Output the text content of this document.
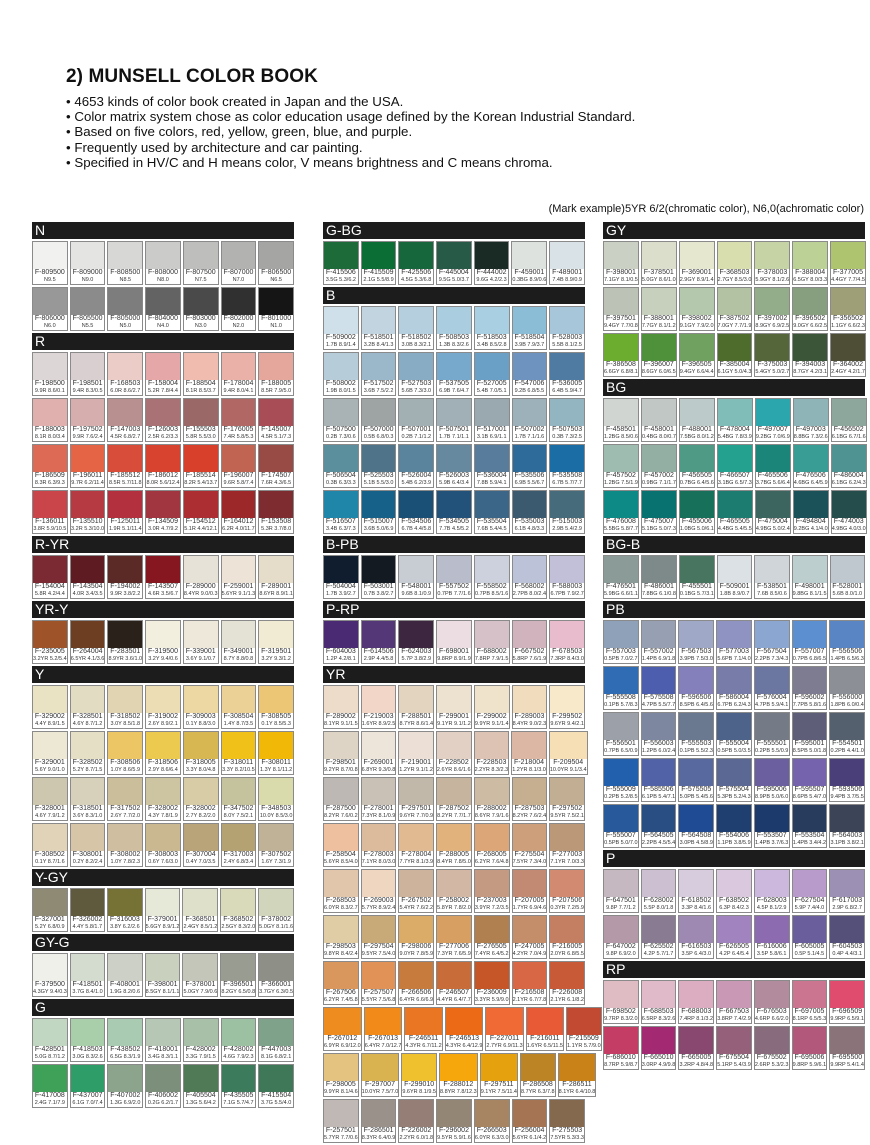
2) MUNSELL COLOR BOOK
• 4653 kinds of color book created in Japan and the USA.
• Color matrix system chose as color education usage defined by the Korean Industrial Standard.
• Based on five colors, red, yellow, green, blue, and purple.
• Frequently used by architecture and car painting.
• Specified in HV/C and H means color, V means brightness and C means chroma.
(Mark example)5YR 6/2(chromatic color), N6,0(achromatic color)
N
F-809500
N9.5
F-809000
N9.0
F-808500
N8.5
F-808000
N8.0
F-807500
N7.5
F-807000
N7.0
F-806500
N6.5
F-806000
N6.0
F-805500
N5.5
F-805000
N5.0
F-804000
N4.0
F-803000
N3.0
F-802000
N2.0
F-801000
N1.0
R
F-198500
9.9R 8.6/0.1
F-198501
9.4R 8.3/0.5
F-168503
6.0R 8.6/2.7
F-158004
5.2R 7.8/4.4
F-188504
8.1R 8.5/3.7
F-178004
9.4R 8.0/4.1
F-188005
8.5R 7.9/5.0
F-188003
8.1R 8.0/3.4
F-197502
9.9R 7.6/2.4
F-147003
4.5R 6.8/2.7
F-126003
2.5R 6.2/3.3
F-155503
5.8R 5.5/3.0
F-176005
7.4R 5.8/5.3
F-145007
4.5R 5.1/7.3
F-186509
8.3R 6.3/9.3
F-196011
9.7R 6.2/11.4
F-185512
8.5R 5.7/11.8
F-186012
8.0R 5.6/12.4
F-185514
8.2R 5.4/13.7
F-196007
9.6R 5.8/7.4
F-174507
7.6R 4.3/6.5
F-136011
3.8R 5.9/10.5
F-135510
3.2R 5.3/10.0
F-125011
1.9R 5.1/11.4
F-134509
3.0R 4.7/9.2
F-154512
5.1R 4.4/12.1
F-164012
6.2R 4.0/11.7
F-153508
5.3R 3.7/8.0
R-YR
F-154004
5.8R 4.2/4.4
F-143504
4.0R 3.4/3.5
F-194002
9.9R 3.8/2.2
F-143507
4.6R 3.5/6.7
F-289000
8.4YR 9.0/0.3
F-259001
5.6YR 9.1/1.3
F-289001
8.6YR 8.9/1.1
YR-Y
F-235005
3.2YR 5.2/5.4
F-264004
6.5YR 4.1/3.6
F-283501
8.9YR 3.6/1.0
F-319500
3.2Y 9.4/0.6
F-339001
3.6Y 9.1/0.7
F-349001
8.7Y 8.8/0.8
F-319501
3.2Y 9.3/1.2
Y
F-329002
4.4Y 8.9/1.5
F-328501
4.6Y 8.7/1.2
F-318502
3.0Y 8.5/1.8
F-319002
2.6Y 8.9/2.1
F-309003
0.1Y 8.8/3.0
F-308504
1.4Y 8.7/3.5
F-308505
0.1Y 8.5/5.3
F-329001
5.6Y 9.0/1.0
F-328502
5.2Y 8.7/1.5
F-308506
1.0Y 8.6/5.9
F-318506
2.9Y 8.6/6.4
F-318005
3.3Y 8.0/4.8
F-318011
3.3Y 8.2/10.5
F-308011
1.3Y 8.1/11.2
F-328001
4.6Y 7.9/1.2
F-318501
3.6Y 8.3/1.0
F-317502
2.6Y 7.7/2.0
F-328002
4.3Y 7.8/1.9
F-328002
2.7Y 8.2/2.0
F-347502
8.0Y 7.5/2.1
F-348503
10.0Y 8.5/3.0
F-308502
0.1Y 8.7/1.6
F-308001
0.2Y 8.2/2.4
F-308002
1.0Y 7.8/2.3
F-308003
0.6Y 7.6/3.0
F-307004
0.4Y 7.0/3.5
F-317003
2.4Y 6.8/3.4
F-307502
1.6Y 7.3/1.9
Y-GY
F-327001
5.2Y 6.8/0.9
F-326002
4.4Y 5.8/1.7
F-316003
3.8Y 6.2/2.6
F-379001
5.6GY 8.9/1.2
F-368501
2.4GY 8.5/1.2
F-368502
2.5GY 8.3/2.0
F-378002
5.0GY 8.1/1.6
GY-G
F-379500
4.3GY 9.4/0.3
F-418501
3.7G 8.4/1.0
F-408001
1.9G 8.2/0.6
F-398001
8.5GY 8.1/1.1
F-378001
5.0GY 7.9/0.6
F-396501
8.2GY 6.5/0.8
F-366001
3.7GY 6.3/0.5
G
F-428501
5.0G 8.7/1.2
F-418503
3.0G 8.3/2.6
F-438502
6.5G 8.3/1.9
F-418001
3.4G 8.3/1.1
F-428002
3.3G 7.9/1.5
F-428002
4.6G 7.9/2.3
F-447003
8.1G 6.8/2.1
F-417008
2.4G 7.1/7.9
F-437007
6.1G 7.0/7.4
F-407002
1.3G 6.9/2.0
F-406002
0.2G 6.2/1.7
F-405504
1.3G 5.6/4.2
F-435505
7.1G 5.7/4.7
F-415504
3.7G 5.5/4.0
G-BG
F-415506
3.5G 5.3/6.2
F-415509
2.1G 5.5/8.9
F-425506
4.5G 5.3/6.8
F-445004
9.5G 5.0/3.7
F-444002
9.6G 4.2/2.3
F-459001
0.3BG 8.9/0.6
F-489001
7.4B 8.9/0.9
B
F-509002
1.7B 8.9/1.4
F-518501
3.2B 8.4/1.3
F-518502
3.0B 8.3/2.1
F-508503
1.3B 8.3/2.6
F-518503
3.4B 8.5/2.8
F-518504
3.9B 7.9/3.7
F-528003
5.5B 8.1/2.5
F-508002
1.9B 8.0/1.5
F-517502
3.6B 7.5/2.2
F-527503
5.6B 7.3/3.0
F-537505
6.9B 7.6/4.7
F-527005
5.4B 7.0/5.1
F-547006
9.2B 6.8/5.5
F-536005
6.4B 5.9/4.7
F-507500
0.2B 7.3/0.6
F-507000
0.5B 6.8/0.3
F-507001
0.2B 7.1/1.2
F-507501
1.7B 7.1/1.1
F-517001
3.1B 6.9/1.1
F-507002
1.7B 7.1/1.6
F-507503
0.3B 7.3/2.5
F-506504
0.3B 6.3/3.3
F-525503
5.1B 5.5/3.0
F-526004
5.4B 6.2/3.9
F-526003
5.9B 6.4/3.4
F-536004
7.8B 5.9/4.1
F-535506
6.9B 5.5/6.7
F-535508
6.7B 5.7/7.7
F-516507
3.4B 6.3/7.3
F-515007
3.6B 5.0/6.9
F-534506
6.7B 4.4/5.8
F-534505
7.7B 4.5/5.2
F-535504
7.6B 5.4/4.5
F-535003
6.1B 4.8/3.3
F-515003
2.9B 5.4/2.9
B-PB
F-504004
1.7B 3.9/2.7
F-503001
0.7B 3.8/2.7
F-548001
9.6B 8.1/0.9
F-557502
0.7PB 7.7/1.6
F-558502
0.7PB 8.5/1.6
F-568002
2.7PB 8.0/2.4
F-588003
6.7PB 7.9/2.7
P-RP
F-604003
1.2P 4.2/8.1
F-614506
2.9P 4.4/5.8
F-624003
5.7P 3.8/2.9
F-698001
9.8RP 8.9/1.9
F-688002
7.8RP 7.9/1.5
F-667502
5.8RP 7.6/1.9
F-678503
7.3RP 8.4/3.0
YR
F-289002
8.1YR 9.1/1.5
F-219003
1.6YR 8.9/2.5
F-288501
8.7YR 8.6/1.4
F-299001
9.1YR 9.1/1.2
F-299002
9.9YR 9.1/1.4
F-289003
8.4YR 9.0/2.3
F-299502
9.6YR 9.4/2.1
F-298501
9.2YR 8.7/0.8
F-269001
6.8YR 9.3/0.8
F-219001
1.2YR 9.1/1.2
F-228502
2.6YR 8.6/1.6
F-228503
2.2YR 8.3/2.3
F-218004
1.2YR 8.1/3.0
F-209504
10.0YR 9.1/3.4
F-287500
8.2YR 7.6/0.2
F-278001
7.3YR 8.1/0.9
F-297501
9.6YR 7.7/0.9
F-287502
8.2YR 7.7/1.7
F-288002
8.6YR 7.9/1.6
F-287503
8.2YR 7.6/2.4
F-297502
9.5YR 7.5/2.1
F-258504
5.6YR 8.5/4.0
F-278003
7.1YR 8.0/3.0
F-278004
7.7YR 8.1/3.9
F-288005
8.4YR 7.8/5.0
F-268005
6.2YR 7.6/4.8
F-275504
7.5YR 7.3/4.0
F-277003
7.1YR 7.0/3.3
F-268503
6.0YR 8.3/2.7
F-269003
5.7YR 8.9/2.4
F-267502
5.4YR 7.6/2.2
F-258002
5.8YR 7.8/2.0
F-237003
3.9YR 7.2/3.5
F-207005
1.7YR 6.9/4.6
F-207506
0.3YR 7.2/5.9
F-298503
9.8YR 8.4/2.4
F-297504
9.5YR 7.5/4.0
F-298006
9.0YR 7.8/5.9
F-277006
7.3YR 7.6/5.9
F-276505
7.4YR 6.4/5.2
F-247005
4.2YR 7.0/4.9
F-216005
2.0YR 6.8/5.5
F-267506
6.2YR 7.4/5.8
F-257507
5.5YR 7.5/6.8
F-266506
6.4YR 6.6/6.9
F-246507
4.4YR 6.4/7.7
F-236009
3.3YR 5.9/9.0
F-216508
2.1YR 6.7/7.8
F-226008
2.1YR 6.1/8.2
F-267012
6.9YR 6.9/12.0
F-267013
6.4YR 7.0/12.7
F-246511
4.3YR 6.7/11.2
F-246513
4.3YR 6.4/12.9
F-227011
2.7YR 6.9/11.3
F-216011
1.6YR 6.5/11.5
F-215509
1.1YR 5.7/9.0
F-298005
9.9YR 8.1/4.6
F-297007
10.0YR 7.5/7.0
F-299010
9.6YR 8.1/9.5
F-288012
8.8YR 7.8/12.3
F-297511
9.1YR 7.5/11.4
F-286508
8.7YR 6.3/7.8
F-286511
8.1YR 6.4/10.8
F-257501
5.7YR 7.7/0.6
F-286501
8.3YR 6.4/0.9
F-226002
2.2YR 6.0/1.8
F-296002
9.5YR 5.9/1.6
F-266503
6.0YR 6.3/3.0
F-256004
5.6YR 6.1/4.2
F-275503
7.5YR 5.3/3.3
GY
F-398001
7.1GY 8.1/0.5
F-378501
5.0GY 8.6/1.0
F-369001
2.9GY 8.9/1.4
F-368503
2.7GY 8.5/3.0
F-378003
5.9GY 8.1/2.6
F-388004
6.5GY 8.0/3.3
F-377005
4.4GY 7.7/4.5
F-397501
9.4GY 7.7/0.8
F-388001
7.7GY 8.1/1.2
F-398002
9.1GY 7.9/2.0
F-387502
7.0GY 7.7/1.9
F-397002
8.9GY 6.9/2.5
F-396502
9.0GY 6.6/2.5
F-356502
1.1GY 6.6/2.3
F-386508
6.6GY 6.8/8.1
F-396007
8.6GY 6.0/6.5
F-396505
9.4GY 6.6/4.4
F-385004
6.1GY 5.0/4.3
F-375003
5.4GY 5.0/2.7
F-394003
8.7GY 4.2/3.1
F-364002
2.4GY 4.2/1.7
BG
F-458501
1.2BG 8.5/0.6
F-458001
0.4BG 8.0/0.7
F-488001
7.5BG 8.0/1.2
F-478004
5.4BG 7.8/3.9
F-497007
9.2BG 7.0/6.9
F-497003
8.8BG 7.3/2.6
F-456502
6.1BG 6.7/1.6
F-457502
1.2BG 7.5/1.9
F-457002
0.9BG 7.1/1.7
F-456505
0.7BG 6.4/5.6
F-466507
3.1BG 6.5/7.3
F-465506
3.7BG 5.6/6.4
F-476506
4.6BG 6.4/5.9
F-486004
6.1BG 6.2/4.3
F-476008
5.5BG 5.8/7.7
F-475007
5.1BG 5.0/7.3
F-455006
1.0BG 5.0/6.1
F-465505
4.4BG 5.4/5.5
F-475004
4.9BG 5.0/2.4
F-494804
9.2BG 4.1/4.0
F-474003
4.9BG 4.0/3.0
BG-B
F-476501
5.9BG 6.6/1.1
F-486001
7.8BG 6.1/0.8
F-455501
0.1BG 5.7/3.1
F-509001
1.8B 8.9/0.7
F-538501
7.6B 8.5/0.6
F-498001
9.8BG 8.1/1.5
F-528001
5.6B 8.0/1.0
PB
F-557003
0.5PB 7.0/2.7
F-557002
1.4PB 6.9/1.8
F-567503
3.9PB 7.5/3.0
F-577003
5.6PB 7.1/4.0
F-567504
2.2PB 7.3/4.3
F-557007
0.7PB 6.8/6.5
F-556506
1.4PB 6.5/6.3
F-555508
0.1PB 5.7/8.3
F-575508
4.7PB 5.5/7.7
F-596506
8.5PB 6.4/5.6
F-586004
6.7PB 6.2/4.3
F-576004
4.7PB 5.9/4.1
F-596002
7.7PB 5.8/1.6
F-556000
1.8PB 6.0/0.4
F-556501
0.7PB 6.5/0.9
F-556003
1.2PB 6.0/2.4
F-555503
0.1PB 5.5/2.3
F-555004
0.5PB 5.0/3.5
F-555501
0.2PB 5.5/0.9
F-595001
8.5PB 5.0/1.8
F-554501
0.2PB 4.4/1.0
F-555009
0.2PB 5.2/8.5
F-585506
6.1PB 5.4/7.1
F-575505
5.0PB 5.4/5.6
F-575504
5.3PB 5.2/4.3
F-595006
8.9PB 5.0/6.0
F-595507
8.6PB 5.4/7.0
F-593506
9.4PB 3.7/5.5
F-555007
0.5PB 5.0/7.0
F-564505
2.2PB 4.5/5.4
F-564508
3.0PB 4.5/8.9
F-554006
1.1PB 3.8/5.9
F-553507
1.4PB 3.7/6.3
F-553504
1.4PB 3.4/4.2
F-564003
3.1PB 3.8/2.1
P
F-647501
9.8P 7.7/1.2
F-628002
5.5P 8.0/1.8
F-618502
3.3P 8.4/1.6
F-638502
6.3P 8.4/2.3
F-628003
4.5P 8.1/2.9
F-627504
5.9P 7.4/4.0
F-617003
2.9P 6.8/2.7
F-647002
9.8P 6.9/2.0
F-625502
4.2P 5.7/1.7
F-616503
3.5P 6.4/3.0
F-626505
4.2P 6.4/5.4
F-616006
3.5P 5.8/6.1
F-605005
0.5P 5.1/4.5
F-604503
0.4P 4.4/3.1
RP
F-698502
9.7RP 8.3/2.0
F-688503
6.5RP 8.3/2.6
F-688003
7.4RP 8.1/3.2
F-667503
3.8RP 7.4/2.9
F-676503
4.6RP 6.6/2.0
F-697005
8.1RP 6.5/5.3
F-696509
9.9RP 6.5/9.1
F-686010
8.7RP 5.9/8.7
F-665010
3.0RP 4.9/9.8
F-665005
3.2RP 4.8/4.8
F-675504
5.1RP 5.4/3.9
F-675502
2.6RP 5.3/2.3
F-695006
9.8RP 5.9/6.1
F-695500
9.9RP 5.4/1.4
